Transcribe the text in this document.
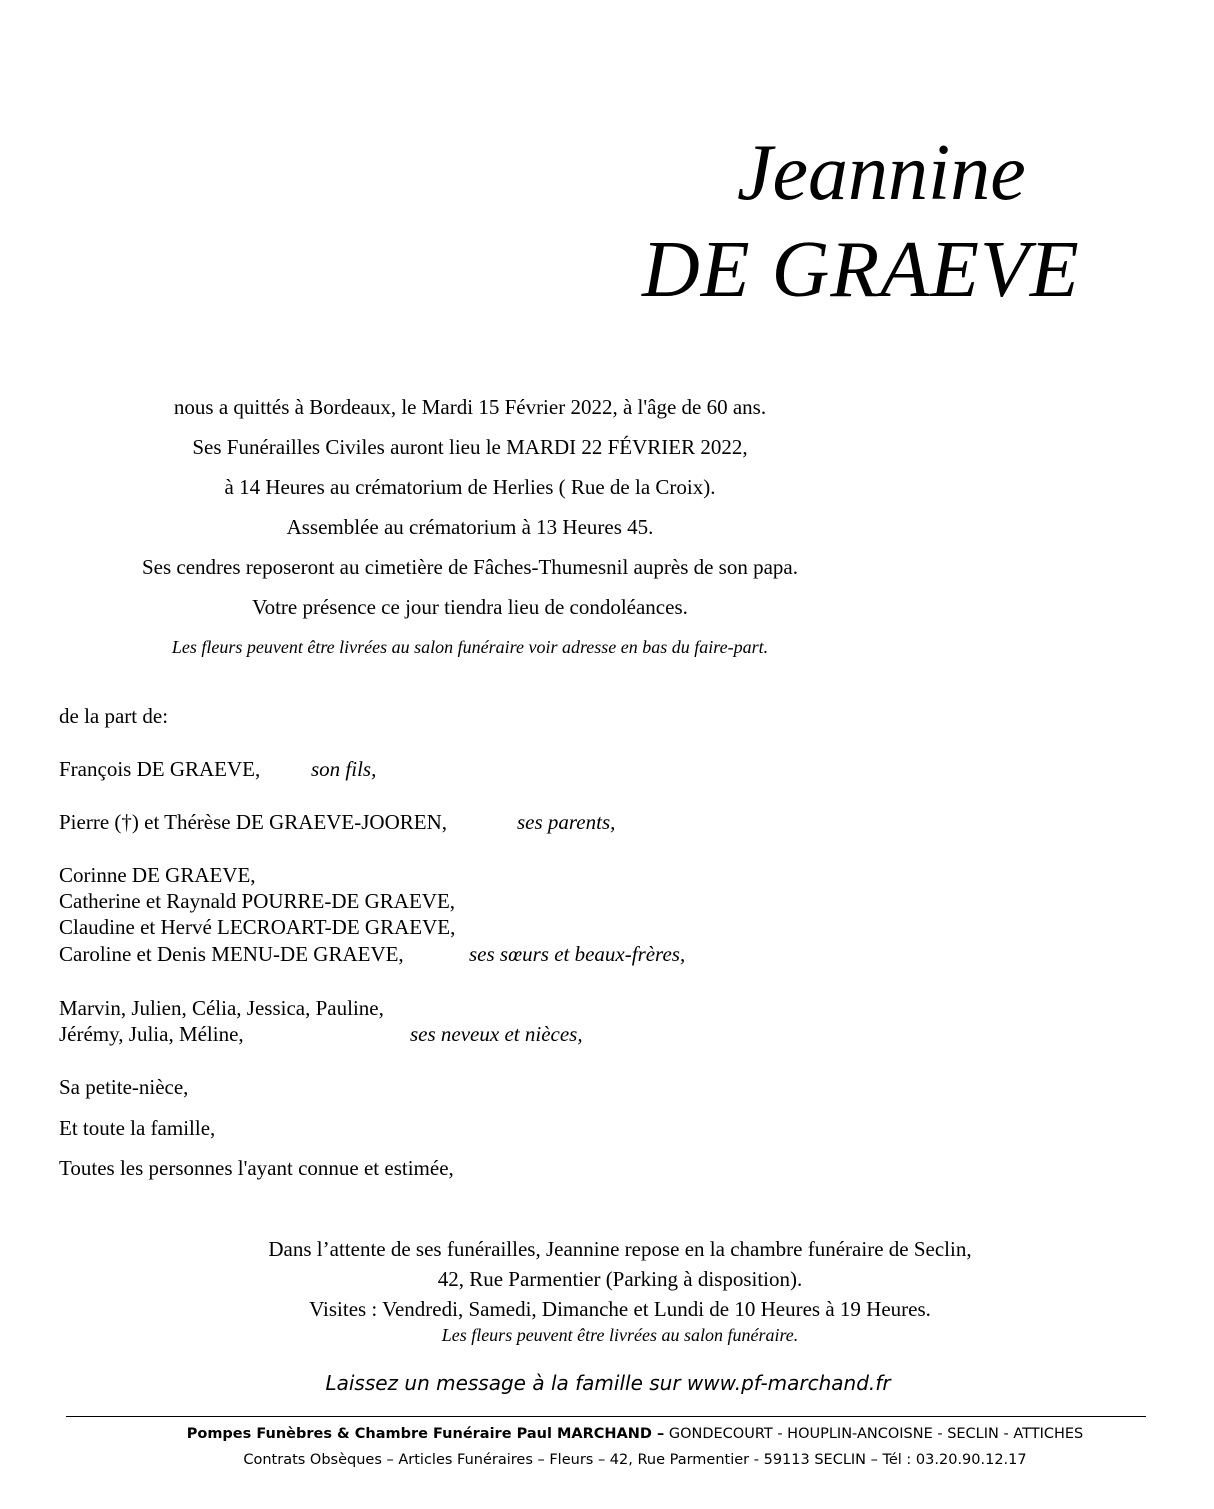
Jeannine
DE GRAEVE

nous a quittés à Bordeaux, le Mardi 15 Février 2022, à l'âge de 60 ans.

Ses Funérailles Civiles auront lieu le MARDI 22 FÉVRIER 2022,

à 14 Heures au crématorium de Herlies ( Rue de la Croix).

Assemblée au crématorium à 13 Heures 45.

Ses cendres reposeront au cimetière de Fâches-Thumesnil auprès de son papa.

Votre présence ce jour tiendra lieu de condoléances.

Les fleurs peuvent être livrées au salon funéraire voir adresse en bas du faire-part.

de la part de:

François DE GRAEVE, son fils,

Pierre (†) et Thérèse DE GRAEVE-JOOREN,	ses parents,

Corinne DE GRAEVE,

Catherine et Raynald POURRE-DE GRAEVE,

Claudine et Hervé LECROART-DE GRAEVE,

Caroline et Denis MENU-DE GRAEVE,	ses sœurs et beaux-frères,

Marvin, Julien, Célia, Jessica, Pauline,

Jérémy, Julia, Méline,	ses neveux et nièces,

Sa petite-nièce,

Et toute la famille,

Toutes les personnes l'ayant connue et estimée,

Dans l’attente de ses funérailles, Jeannine repose en la chambre funéraire de Seclin,

42, Rue Parmentier (Parking à disposition).

Visites : Vendredi, Samedi, Dimanche et Lundi de 10 Heures à 19 Heures.

Les fleurs peuvent être livrées au salon funéraire.

Laissez un message à la famille sur www.pf-marchand.fr

Pompes Funèbres & Chambre Funéraire Paul MARCHAND – GONDECOURT - HOUPLIN-ANCOISNE - SECLIN - ATTICHES

Contrats Obsèques – Articles Funéraires – Fleurs – 42, Rue Parmentier - 59113 SECLIN – Tél : 03.20.90.12.17
